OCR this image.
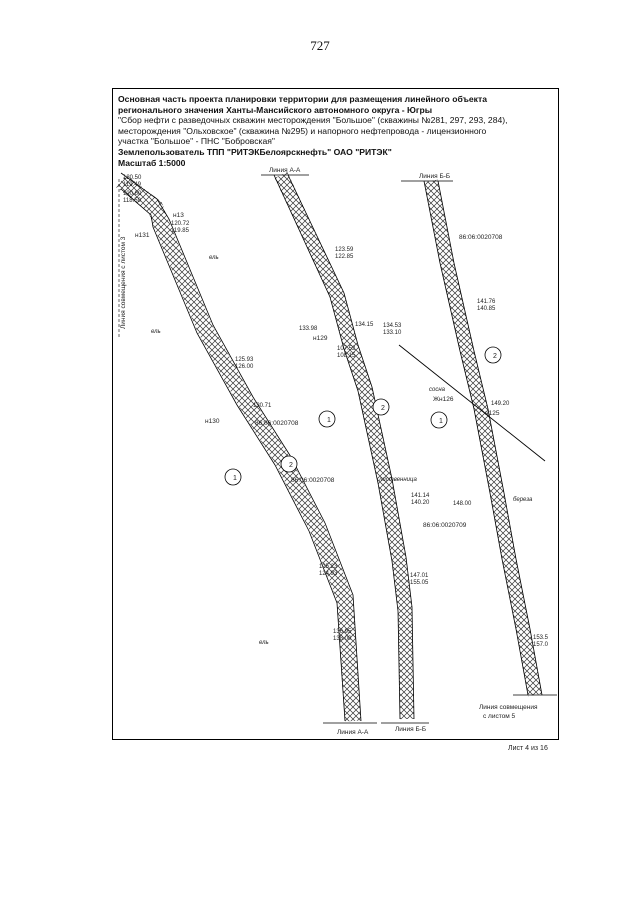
727
Основная часть проекта планировки территории для размещения линейного объекта
регионального значения Ханты-Мансийского автономного округа - Югры
"Сбор нефти с разведочных скважин месторождения "Большое" (скважины №281, 297, 293, 284),
месторождения "Ольховское" (скважина №295) и напорного нефтепровода - лицензионного
участка "Большое" - ПНС "Бобровская"
Землепользователь ТПП "РИТЭКБелоярскнефть" ОАО "РИТЭК"
Масштаб 1:5000
1
2
1
2
1
2
Линия А-А
Линия Б-Б
Линия А-А	Линия Б-Б
Линия совмещения
с листом 5
Линия совмещения с листом 3	86:06:0020708
86:06:0020708
86:06:0020708
86:06:0020709
н131
н13
н130
н129
Жн126
н125
120.50
119.49
120.60
118.50
120.72
119.85
125.93
126.00
130.71
125.23
124.93
136.95
138.00
123.59
122.85
133.98
134.15 134.53
133.10
107.52
108.15
141.14
140.20
147.01
155.05
141.76
140.85
148.00
149.20
153.5
157.0
ель
ель
береза
лиственница
сосна
ель
Лист 4 из 16
